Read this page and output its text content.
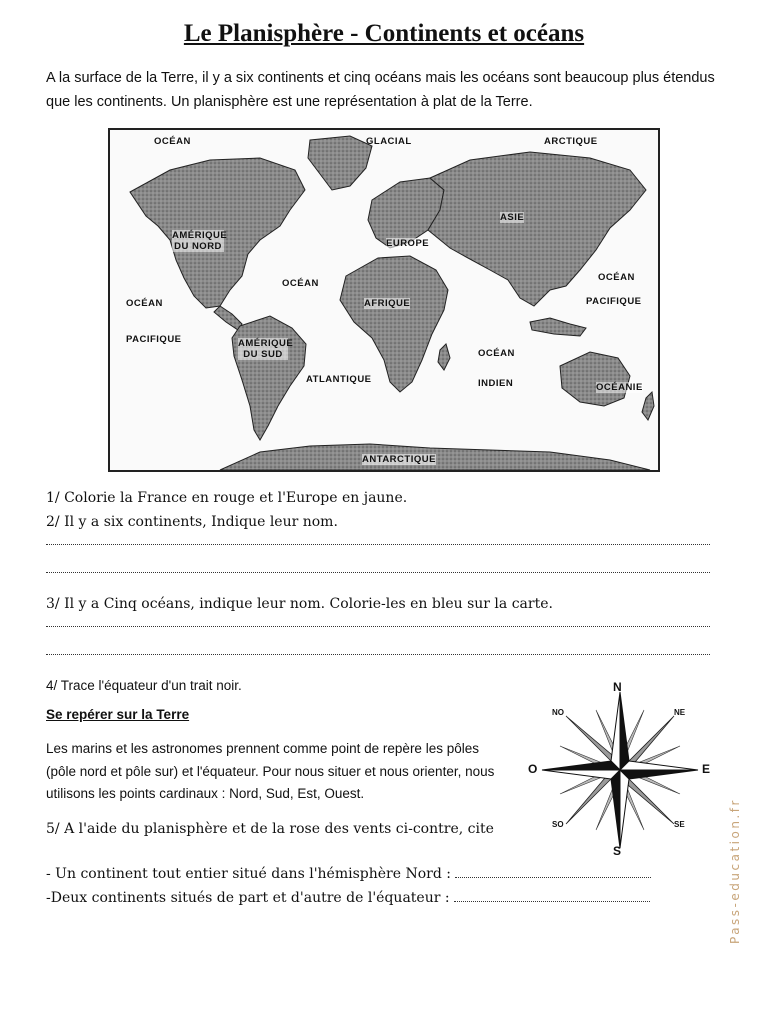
Le Planisphère - Continents et océans
A la surface de la Terre, il y a six continents et cinq océans mais les océans sont beaucoup plus étendus que les continents. Un planisphère est une représentation à plat de la Terre.
OCÉAN	GLACIAL	ARCTIQUE
AMÉRIQUE DU NORD	EUROPE
ASIE
OCÉAN
PACIFIQUE
OCÉAN
AFRIQUE
OCÉAN
PACIFIQUE	AMÉRIQUE DU SUD
ATLANTIQUE
OCÉAN
INDIEN	OCÉANIE
ANTARCTIQUE
1/ Colorie la France en rouge et l'Europe en jaune.
2/ Il y a six continents, Indique leur nom.
3/ Il y a Cinq océans, indique leur nom. Colorie-les en bleu sur la carte.
4/ Trace l'équateur d'un trait noir.
Se repérer sur la Terre
Les marins et les astronomes prennent comme point de repère les pôles (pôle nord et pôle sur) et l'équateur. Pour nous situer et nous orienter, nous utilisons les points cardinaux : Nord, Sud, Est, Ouest.
5/ A l'aide du planisphère et de la rose des vents ci-contre, cite
- Un continent tout entier situé dans l'hémisphère Nord :
-Deux continents situés de part et d'autre de l'équateur :
N
S
E
O
NE
NO
SE
SO	Pass-education.fr
